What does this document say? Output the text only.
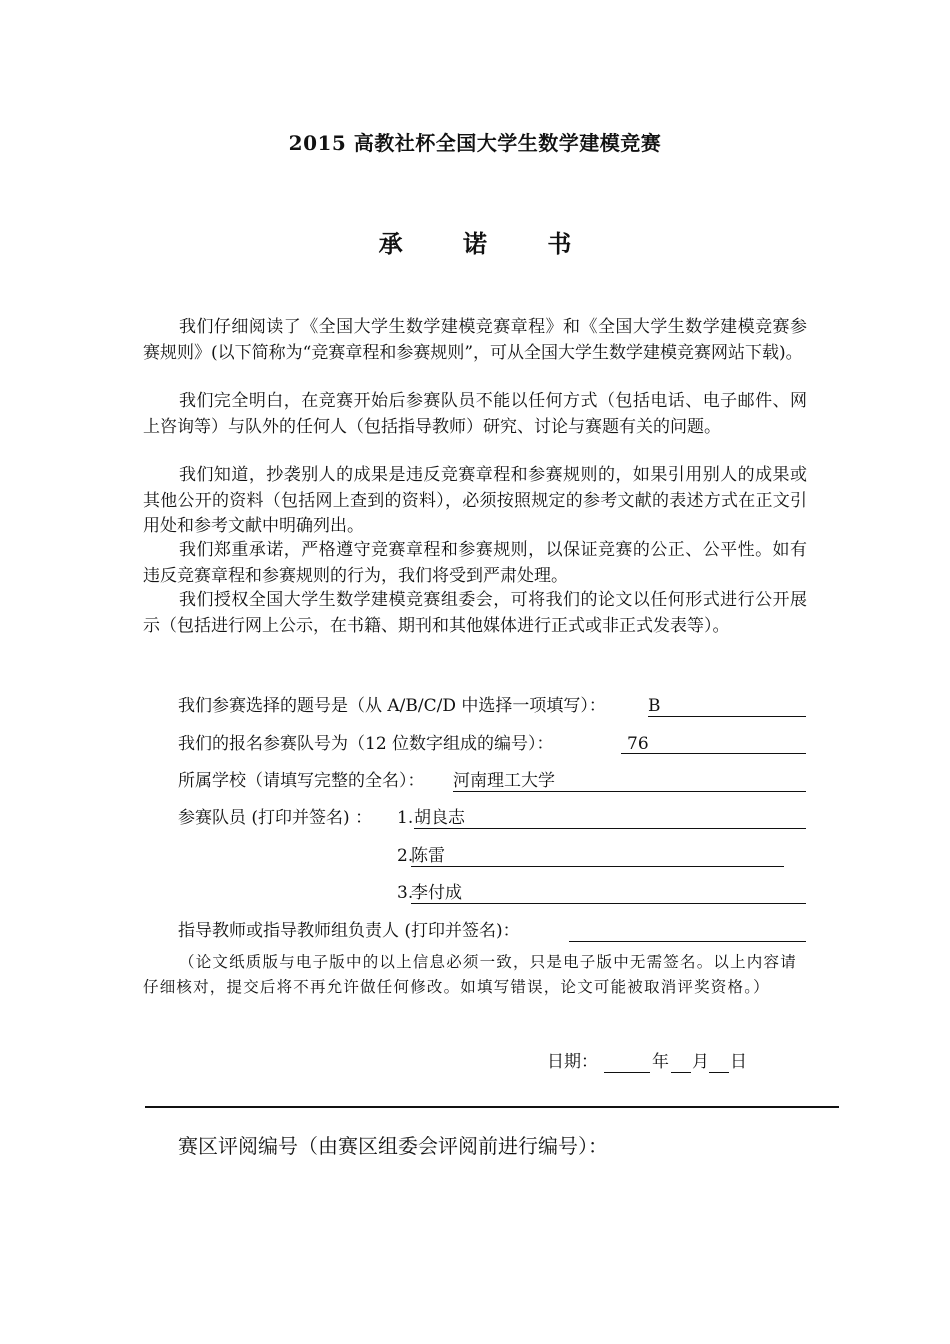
2015 高教社杯全国大学生数学建模竞赛
承 诺 书

我们仔细阅读了《全国大学生数学建模竞赛章程》和《全国大学生数学建模竞赛参赛规则》(以下简称为“竞赛章程和参赛规则”，可从全国大学生数学建模竞赛网站下载)。

我们完全明白，在竞赛开始后参赛队员不能以任何方式（包括电话、电子邮件、网上咨询等）与队外的任何人（包括指导教师）研究、讨论与赛题有关的问题。

我们知道，抄袭别人的成果是违反竞赛章程和参赛规则的，如果引用别人的成果或其他公开的资料（包括网上查到的资料），必须按照规定的参考文献的表述方式在正文引用处和参考文献中明确列出。

我们郑重承诺，严格遵守竞赛章程和参赛规则，以保证竞赛的公正、公平性。如有违反竞赛章程和参赛规则的行为，我们将受到严肃处理。

我们授权全国大学生数学建模竞赛组委会，可将我们的论文以任何形式进行公开展示（包括进行网上公示，在书籍、期刊和其他媒体进行正式或非正式发表等）。

我们参赛选择的题号是（从 A/B/C/D 中选择一项填写）： B
我们的报名参赛队号为（12 位数字组成的编号）：	76
所属学校（请填写完整的全名）： 河南理工大学
参赛队员 (打印并签名) ： 1. 胡良志
2.
陈雷
3.
李付成
指导教师或指导教师组负责人 (打印并签名)：

（论文纸质版与电子版中的以上信息必须一致，只是电子版中无需签名。以上内容请仔细核对，提交后将不再允许做任何修改。如填写错误，论文可能被取消评奖资格。）

日期：	年 月 日
赛区评阅编号（由赛区组委会评阅前进行编号）：
